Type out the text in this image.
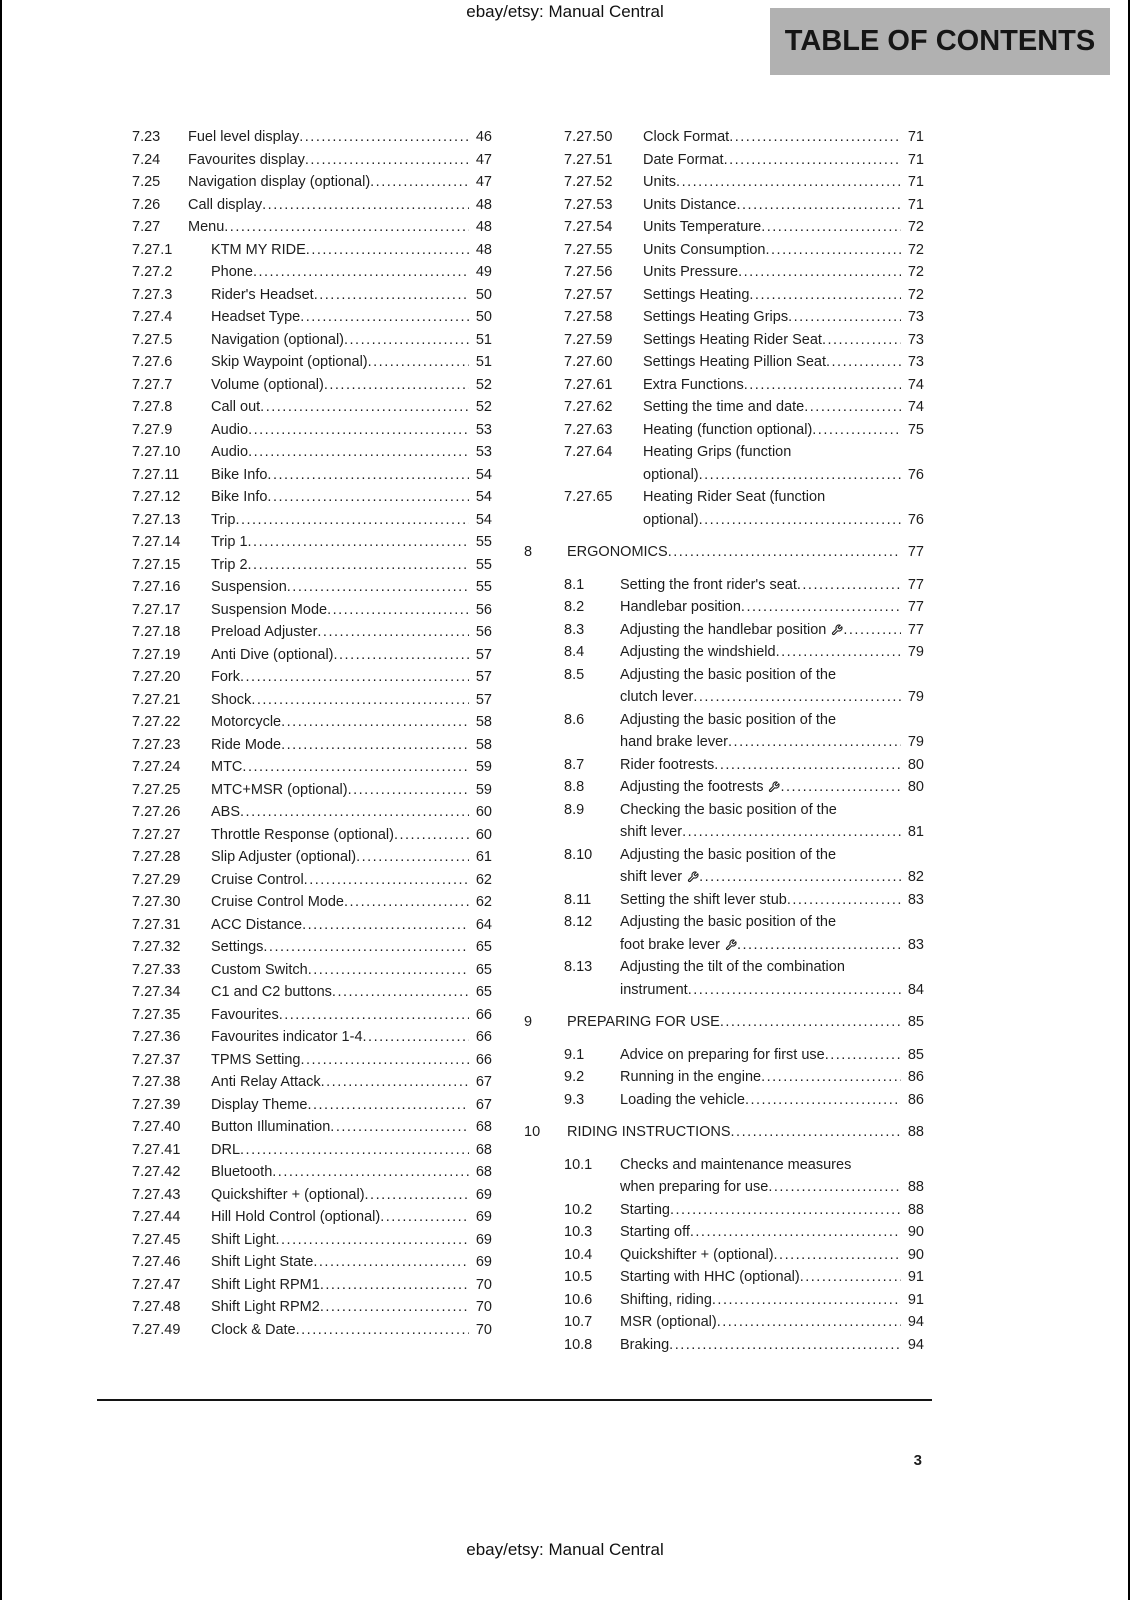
ebay/etsy: Manual Central
TABLE OF CONTENTS
7.23	Fuel level display .....	46
7.24	Favourites display .....	47
7.25	Navigation display (optional) .....	47
7.26	Call display .....	48
7.27	Menu .....	48
7.27.1	KTM MY RIDE .....	48
7.27.2	Phone .....	49
7.27.3	Rider's Headset .....	50
7.27.4	Headset Type .....	50
7.27.5	Navigation (optional) .....	51
7.27.6	Skip Waypoint (optional) .....	51
7.27.7	Volume (optional) .....	52
7.27.8	Call out .....	52
7.27.9	Audio .....	53
7.27.10	Audio .....	53
7.27.11	Bike Info .....	54
7.27.12	Bike Info .....	54
7.27.13	Trip .....	54
7.27.14	Trip 1 .....	55
7.27.15	Trip 2 .....	55
7.27.16	Suspension .....	55
7.27.17	Suspension Mode .....	56
7.27.18	Preload Adjuster .....	56
7.27.19	Anti Dive (optional) .....	57
7.27.20	Fork .....	57
7.27.21	Shock .....	57
7.27.22	Motorcycle .....	58
7.27.23	Ride Mode .....	58
7.27.24	MTC .....	59
7.27.25	MTC+MSR (optional) .....	59
7.27.26	ABS .....	60
7.27.27	Throttle Response (optional) .....	60
7.27.28	Slip Adjuster (optional) .....	61
7.27.29	Cruise Control .....	62
7.27.30	Cruise Control Mode .....	62
7.27.31	ACC Distance .....	64
7.27.32	Settings .....	65
7.27.33	Custom Switch .....	65
7.27.34	C1 and C2 buttons .....	65
7.27.35	Favourites .....	66
7.27.36	Favourites indicator 1-4 .....	66
7.27.37	TPMS Setting .....	66
7.27.38	Anti Relay Attack .....	67
7.27.39	Display Theme .....	67
7.27.40	Button Illumination .....	68
7.27.41	DRL .....	68
7.27.42	Bluetooth .....	68
7.27.43	Quickshifter + (optional) .....	69
7.27.44	Hill Hold Control (optional) .....	69
7.27.45	Shift Light .....	69
7.27.46	Shift Light State .....	69
7.27.47	Shift Light RPM1 .....	70
7.27.48	Shift Light RPM2 .....	70
7.27.49	Clock & Date .....	70
7.27.50	Clock Format .....	71
7.27.51	Date Format .....	71
7.27.52	Units .....	71
7.27.53	Units Distance .....	71
7.27.54	Units Temperature .....	72
7.27.55	Units Consumption .....	72
7.27.56	Units Pressure .....	72
7.27.57	Settings Heating .....	72
7.27.58	Settings Heating Grips .....	73
7.27.59	Settings Heating Rider Seat .....	73
7.27.60	Settings Heating Pillion Seat .....	73
7.27.61	Extra Functions .....	74
7.27.62	Setting the time and date .....	74
7.27.63	Heating (function optional) .....	75
7.27.64	Heating Grips (function
optional) .....	76
7.27.65	Heating Rider Seat (function
optional) .....	76
8	ERGONOMICS .....	77
8.1	Setting the front rider's seat .....	77
8.2	Handlebar position .....	77
8.3	Adjusting the handlebar position .....	77
8.4	Adjusting the windshield .....	79
8.5	Adjusting the basic position of the
clutch lever .....	79
8.6	Adjusting the basic position of the
hand brake lever .....	79
8.7	Rider footrests .....	80
8.8	Adjusting the footrests .....	80
8.9	Checking the basic position of the
shift lever .....	81
8.10	Adjusting the basic position of the
shift lever .....	82
8.11	Setting the shift lever stub .....	83
8.12	Adjusting the basic position of the
foot brake lever .....	83
8.13	Adjusting the tilt of the combination
instrument .....	84
9	PREPARING FOR USE .....	85
9.1	Advice on preparing for first use .....	85
9.2	Running in the engine .....	86
9.3	Loading the vehicle .....	86
10	RIDING INSTRUCTIONS .....	88
10.1	Checks and maintenance measures
when preparing for use .....	88
10.2	Starting .....	88
10.3	Starting off .....	90
10.4	Quickshifter + (optional) .....	90
10.5	Starting with HHC (optional) .....	91
10.6	Shifting, riding .....	91
10.7	MSR (optional) .....	94
10.8	Braking .....	94
3
ebay/etsy: Manual Central
